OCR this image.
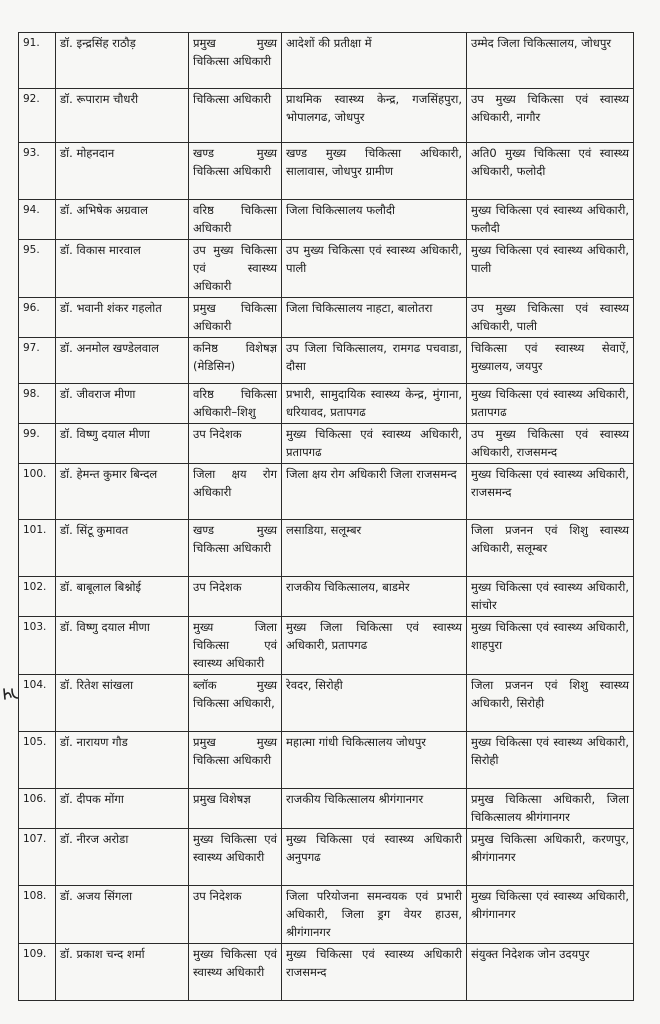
91.	डॉ. इन्द्रसिंह राठौड़	प्रमुख मुख्य चिकित्सा अधिकारी	आदेशों की प्रतीक्षा में	उम्मेद जिला चिकित्सालय, जोधपुर
92.	डॉ. रूपाराम चौधरी	चिकित्सा अधिकारी	प्राथमिक स्वास्थ्य केन्द्र, गजसिंहपुरा, भोपालगढ, जोधपुर	उप मुख्य चिकित्सा एवं स्वास्थ्य अधिकारी, नागौर
93.	डॉ. मोहनदान	खण्ड मुख्य चिकित्सा अधिकारी	खण्ड मुख्य चिकित्सा अधिकारी, सालावास, जोधपुर ग्रामीण	अति0 मुख्य चिकित्सा एवं स्वास्थ्य अधिकारी, फलोदी
94.	डॉ. अभिषेक अग्रवाल	वरिष्ठ चिकित्सा अधिकारी	जिला चिकित्सालय फलौदी	मुख्य चिकित्सा एवं स्वास्थ्य अधिकारी, फलौदी
95.	डॉ. विकास मारवाल	उप मुख्य चिकित्सा एवं स्वास्थ्य अधिकारी	उप मुख्य चिकित्सा एवं स्वास्थ्य अधिकारी, पाली	मुख्य चिकित्सा एवं स्वास्थ्य अधिकारी, पाली
96.	डॉ. भवानी शंकर गहलोत	प्रमुख चिकित्सा अधिकारी	जिला चिकित्सालय नाहटा, बालोतरा	उप मुख्य चिकित्सा एवं स्वास्थ्य अधिकारी, पाली
97.	डॉ. अनमोल खण्डेलवाल	कनिष्ठ विशेषज्ञ (मेडिसिन)	उप जिला चिकित्सालय, रामगढ पचवाडा, दौसा	चिकित्सा एवं स्वास्थ्य सेवाऐं, मुख्यालय, जयपुर
98.	डॉ. जीवराज मीणा	वरिष्ठ चिकित्सा अधिकारी–शिशु	प्रभारी, सामुदायिक स्वास्थ्य केन्द्र, मुंगाना, धरियावद, प्रतापगढ	मुख्य चिकित्सा एवं स्वास्थ्य अधिकारी, प्रतापगढ
99.	डॉ. विष्णु दयाल मीणा	उप निदेशक	मुख्य चिकित्सा एवं स्वास्थ्य अधिकारी, प्रतापगढ	उप मुख्य चिकित्सा एवं स्वास्थ्य अधिकारी, राजसमन्द
100.	डॉ. हेमन्त कुमार बिन्दल	जिला क्षय रोग अधिकारी	जिला क्षय रोग अधिकारी जिला राजसमन्द	मुख्य चिकित्सा एवं स्वास्थ्य अधिकारी, राजसमन्द
101.	डॉ. सिंटू कुमावत	खण्ड मुख्य चिकित्सा अधिकारी	लसाडिया, सलूम्बर	जिला प्रजनन एवं शिशु स्वास्थ्य अधिकारी, सलूम्बर
102.	डॉ. बाबूलाल बिश्नोई	उप निदेशक	राजकीय चिकित्सालय, बाडमेर	मुख्य चिकित्सा एवं स्वास्थ्य अधिकारी, सांचोर
103.	डॉ. विष्णु दयाल मीणा	मुख्य जिला चिकित्सा एवं स्वास्थ्य अधिकारी	मुख्य जिला चिकित्सा एवं स्वास्थ्य अधिकारी, प्रतापगढ	मुख्य चिकित्सा एवं स्वास्थ्य अधिकारी, शाहपुरा
104.	डॉ. रितेश सांखला	ब्लॉक मुख्य चिकित्सा अधिकारी,	रेवदर, सिरोही	जिला प्रजनन एवं शिशु स्वास्थ्य अधिकारी, सिरोही
105.	डॉ. नारायण गौड	प्रमुख मुख्य चिकित्सा अधिकारी	महात्मा गांधी चिकित्सालय जोधपुर	मुख्य चिकित्सा एवं स्वास्थ्य अधिकारी, सिरोही
106.	डॉ. दीपक मोंगा	प्रमुख विशेषज्ञ	राजकीय चिकित्सालय श्रीगंगानगर	प्रमुख चिकित्सा अधिकारी, जिला चिकित्सालय श्रीगंगानगर
107.	डॉ. नीरज अरोडा	मुख्य चिकित्सा एवं स्वास्थ्य अधिकारी	मुख्य चिकित्सा एवं स्वास्थ्य अधिकारी अनुपगढ	प्रमुख चिकित्सा अधिकारी, करणपुर, श्रीगंगानगर
108.	डॉ. अजय सिंगला	उप निदेशक	जिला परियोजना समन्वयक एवं प्रभारी अधिकारी, जिला ड्रग वेयर हाउस, श्रीगंगानगर	मुख्य चिकित्सा एवं स्वास्थ्य अधिकारी, श्रीगंगानगर
109.	डॉ. प्रकाश चन्द शर्मा	मुख्य चिकित्सा एवं स्वास्थ्य अधिकारी	मुख्य चिकित्सा एवं स्वास्थ्य अधिकारी राजसमन्द	संयुक्त निदेशक जोन उदयपुर
